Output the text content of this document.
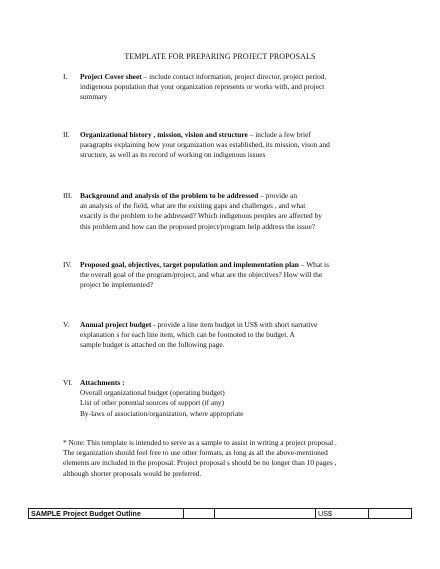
TEMPLATE FOR PREPARING PROJECT PROPOSALS
I.	Project Cover sheet – include contact information, project director, project period,
indigenous population that your organization represents or works with, and project
summary
II.	Organizational history , mission, vision and structure – include a few brief
paragraphs explaining how your organization was established, its mission, vison and
structure, as well as its record of working on indigenous issues
III.	Background and analysis of the problem to be addressed – provide an
an analysis of the field, what are the existing gaps and challenges , and what
exactly is the problem to be addressed? Which indigenous peoples are affected by
this problem and how can the proposed project/program help address the issue?
IV.	Proposed goal, objectives, target population and implementation plan – What is
the overall goal of the program/project, and what are the objectives? How will the
project be implemented?
V.	Annual project budget - provide a line item budget in US$ with short narrative
explanation s for each line item, which can be footnoted to the budget. A
sample budget is attached on the following page.
VI. Attachments :
Overall organizational budget (operating budget)
List of other potential sources of support (if any)
By-laws of association/organization, where appropriate
* Note: This template is intended to serve as a sample to assist in writing a project proposal .
The organization should feel free to use other formats, as long as all the above-mentioned
elements are included in the proposal. Project proposal s should be no longer than 10 pages ,
although shorter proposals would be preferred.
SAMPLE Project Budget Outline			US$	
